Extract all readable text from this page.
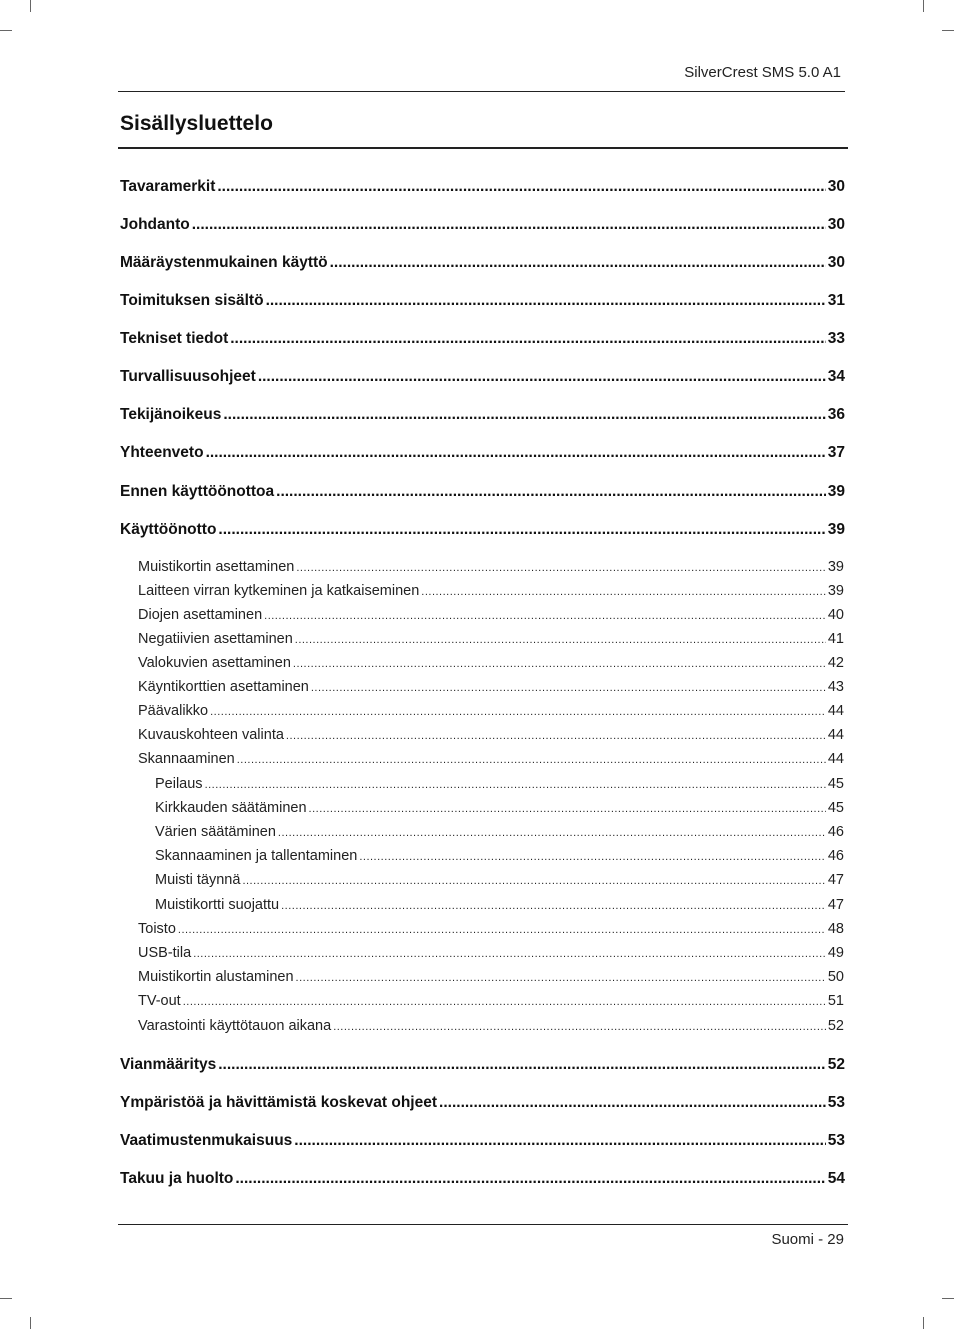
SilverCrest SMS 5.0 A1
Sisällysluettelo
Tavaramerkit .....	30
Johdanto .....	30
Määräystenmukainen käyttö .....	30
Toimituksen sisältö .....	31
Tekniset tiedot .....	33
Turvallisuusohjeet .....	34
Tekijänoikeus .....	36
Yhteenveto .....	37
Ennen käyttöönottoa .....	39
Käyttöönotto .....	39
Muistikortin asettaminen .....	39
Laitteen virran kytkeminen ja katkaiseminen .....	39
Diojen asettaminen .....	40
Negatiivien asettaminen .....	41
Valokuvien asettaminen .....	42
Käyntikorttien asettaminen .....	43
Päävalikko .....	44
Kuvauskohteen valinta .....	44
Skannaaminen .....	44
Peilaus .....	45
Kirkkauden säätäminen .....	45
Värien säätäminen .....	46
Skannaaminen ja tallentaminen .....	46
Muisti täynnä .....	47
Muistikortti suojattu .....	47
Toisto .....	48
USB-tila .....	49
Muistikortin alustaminen .....	50
TV-out .....	51
Varastointi käyttötauon aikana .....	52
Vianmääritys .....	52
Ympäristöä ja hävittämistä koskevat ohjeet .....	53
Vaatimustenmukaisuus .....	53
Takuu ja huolto .....	54
Suomi - 29
